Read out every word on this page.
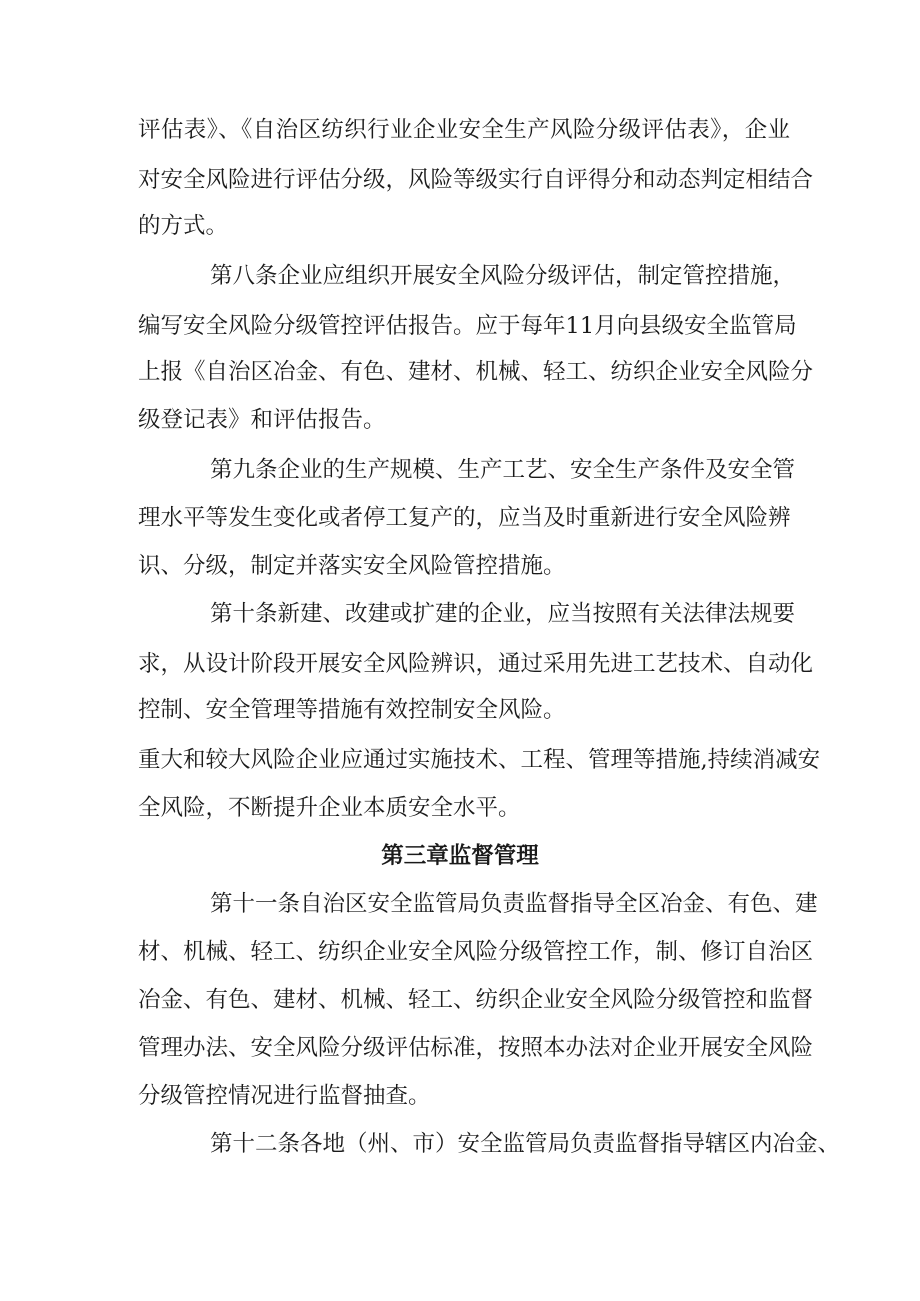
评估表》、《自治区纺织行业企业安全生产风险分级评估表》，企业
对安全风险进行评估分级，风险等级实行自评得分和动态判定相结合
的方式。
第八条企业应组织开展安全风险分级评估，制定管控措施，
编写安全风险分级管控评估报告。应于每年11月向县级安全监管局
上报《自治区冶金、有色、建材、机械、轻工、纺织企业安全风险分
级登记表》和评估报告。
第九条企业的生产规模、生产工艺、安全生产条件及安全管
理水平等发生变化或者停工复产的，应当及时重新进行安全风险辨
识、分级，制定并落实安全风险管控措施。
第十条新建、改建或扩建的企业，应当按照有关法律法规要
求，从设计阶段开展安全风险辨识，通过采用先进工艺技术、自动化
控制、安全管理等措施有效控制安全风险。
重大和较大风险企业应通过实施技术、工程、管理等措施,持续消减安
全风险，不断提升企业本质安全水平。
第三章监督管理
第十一条自治区安全监管局负责监督指导全区冶金、有色、建
材、机械、轻工、纺织企业安全风险分级管控工作，制、修订自治区
冶金、有色、建材、机械、轻工、纺织企业安全风险分级管控和监督
管理办法、安全风险分级评估标准，按照本办法对企业开展安全风险
分级管控情况进行监督抽查。
第十二条各地（州、市）安全监管局负责监督指导辖区内冶金、
